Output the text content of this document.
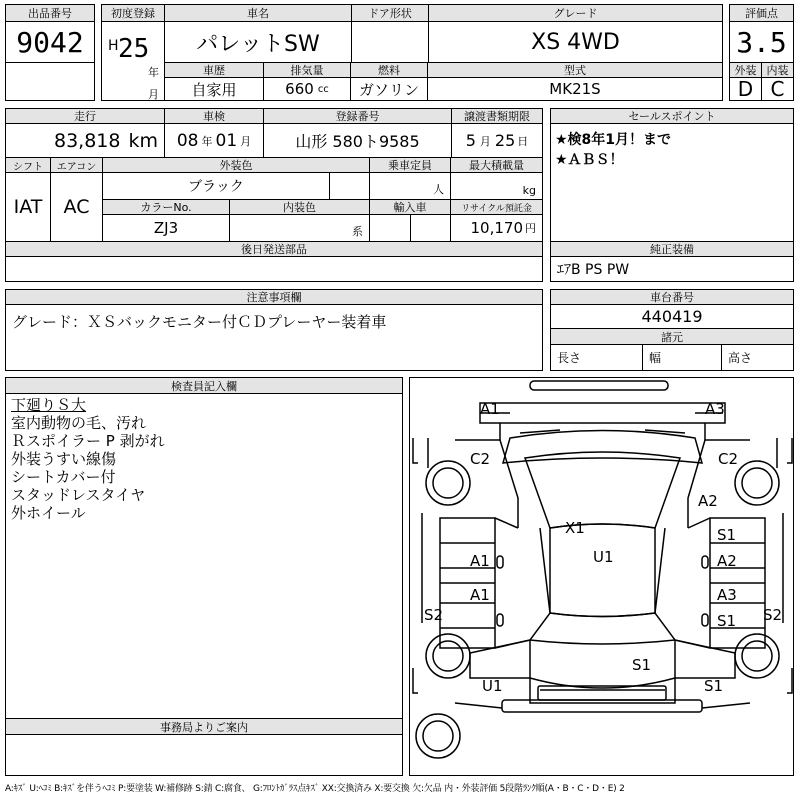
出品番号
9042
初度登録
H 25
年
月
車名
パレットSW
ドア形状	グレード
XS 4WD
車歴
自家用
排気量
660 cc
燃料
ガソリン
型式
MK21S
評価点
3.5
外装 内装
D C
走行
83,818 km
車検
08 年 01 月
登録番号
山形 580ト9585
譲渡書類期限
5 月 25 日
シフト
IAT
エアコン
AC
外装色
ブラック
乗車定員
人
最大積載量
kg
カラーNo.
ZJ3
内装色
系
輸入車	リサイクル預託金
10,170 円
後日発送部品
セールスポイント
★検8年1月！まで
★ＡＢＳ！
純正装備
ｴｱB PS PW
注意事項欄
グレード：ＸＳバックモニター付ＣＤプレーヤー装着車
車台番号
440419
諸元
長さ	幅	高さ
検査員記入欄
下廻りＳ大
室内動物の毛、汚れ
Ｒスポイラー P 剥がれ
外装うすい線傷
シートカバー付
スタッドレスタイヤ
外ホイール
事務局よりご案内
A1	A3
C2	C2
A2
X1
U1
A1
S1
A2
A1	A3
S1
S2	S2
S1
U1	S1
A:ｷｽﾞ U:ﾍｺﾐ B:ｷｽﾞを伴うﾍｺﾐ P:要塗装 W:補修跡 S:錆 C:腐食、 G:ﾌﾛﾝﾄｶﾞﾗｽ点ｷｽﾞ XX:交換済み X:要交換 欠:欠品 内・外装評価 5段階ﾗﾝｸ順(A・B・C・D・E) 2
